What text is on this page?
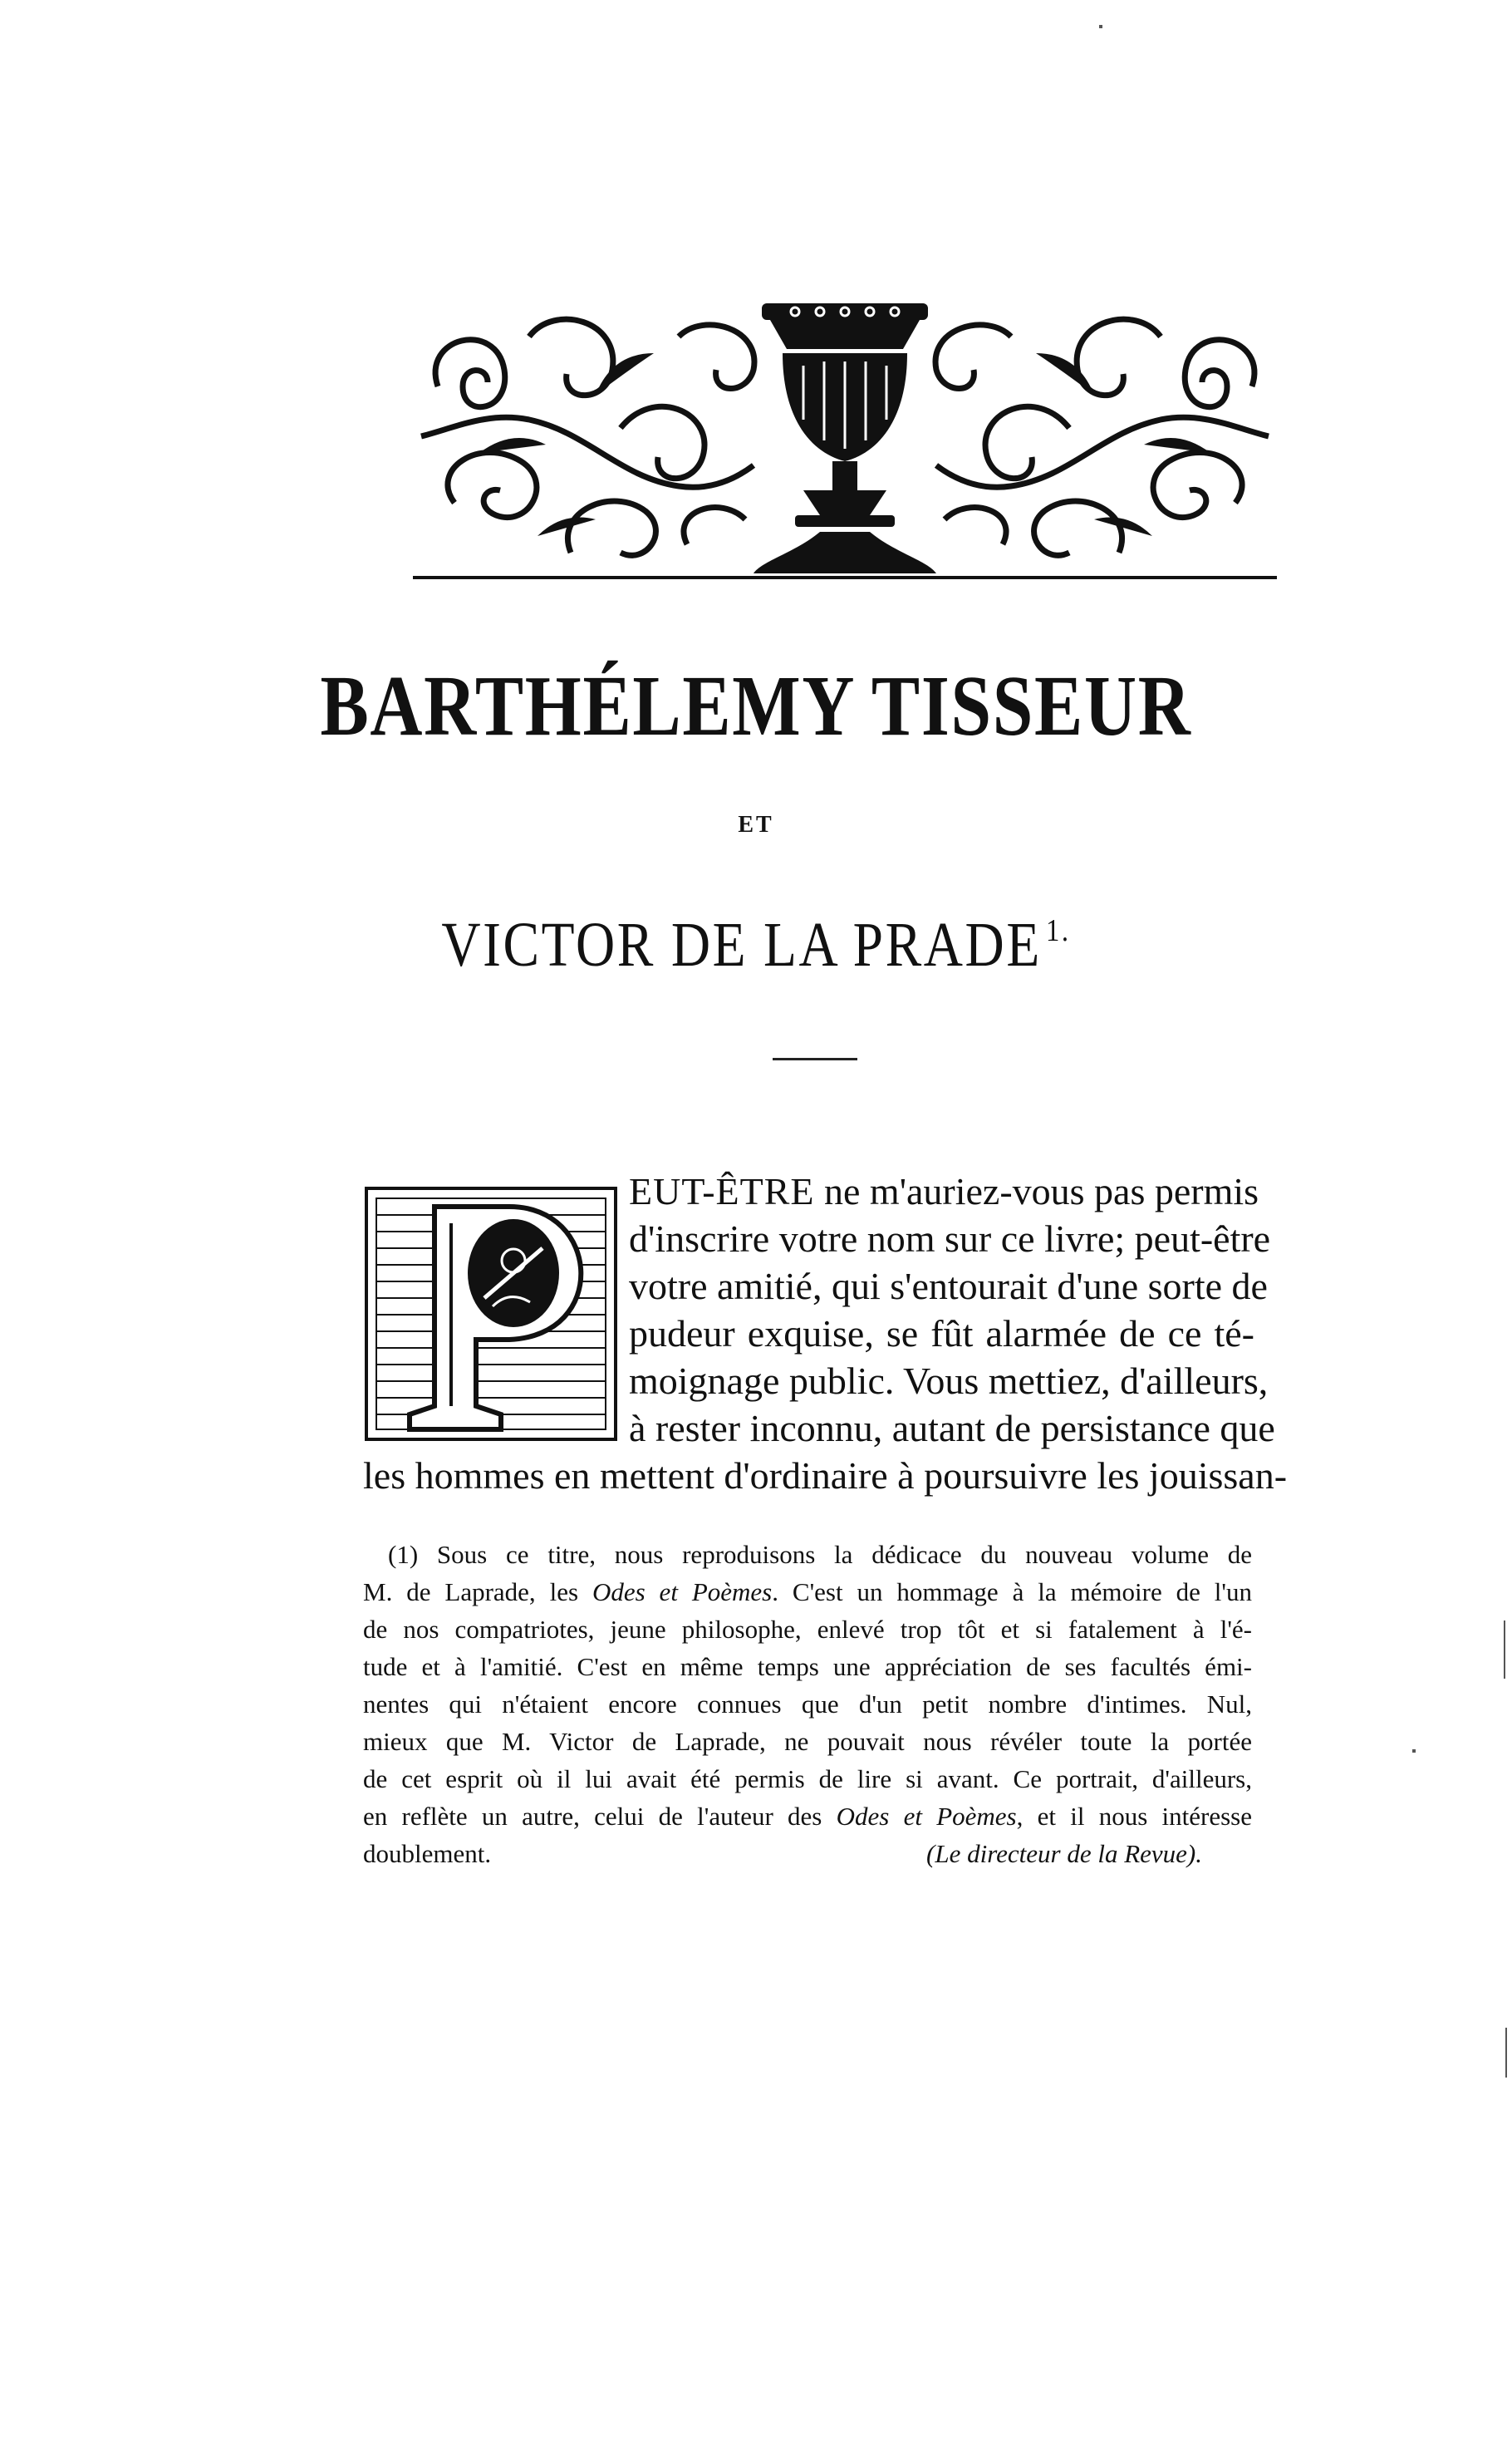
BARTHÉLEMY TISSEUR
ET
VICTOR DE LA PRADE $^{1.}$
EUT-ÊTRE ne m'auriez-vous pas permis
d'inscrire votre nom sur ce livre; peut-être
votre amitié, qui s'entourait d'une sorte de
pudeur exquise, se fût alarmée de ce té-
moignage public. Vous mettiez, d'ailleurs,
à rester inconnu, autant de persistance que
les hommes en mettent d'ordinaire à poursuivre les jouissan-
(1) Sous ce titre, nous reproduisons la dédicace du nouveau volume de
M. de Laprade, les Odes et Poèmes. C'est un hommage à la mémoire de l'un
de nos compatriotes, jeune philosophe, enlevé trop tôt et si fatalement à l'é-
tude et à l'amitié. C'est en même temps une appréciation de ses facultés émi-
nentes qui n'étaient encore connues que d'un petit nombre d'intimes. Nul,
mieux que M. Victor de Laprade, ne pouvait nous révéler toute la portée
de cet esprit où il lui avait été permis de lire si avant. Ce portrait, d'ailleurs,
en reflète un autre, celui de l'auteur des Odes et Poèmes, et il nous intéresse
doublement.	(Le directeur de la Revue).
